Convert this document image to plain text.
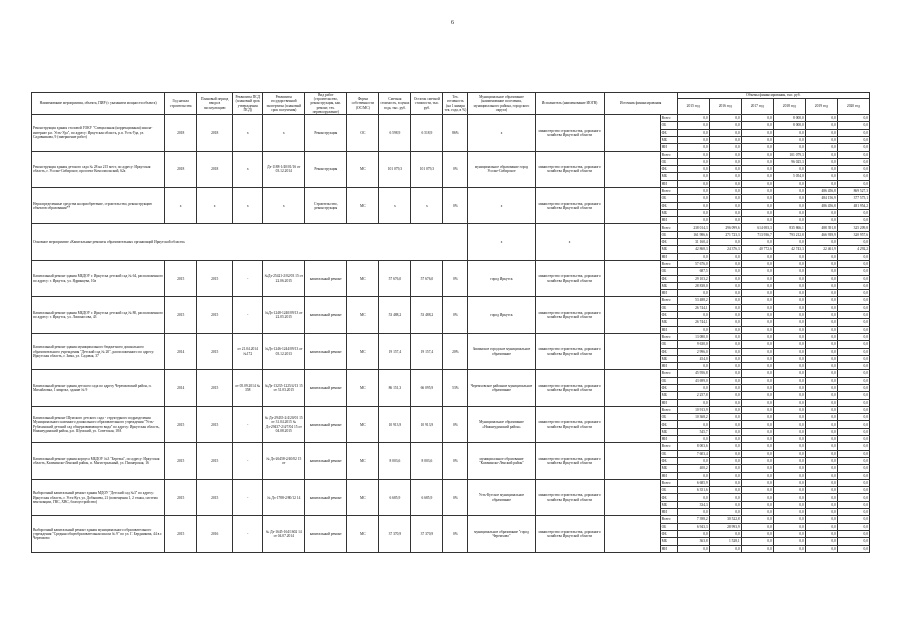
6
Наименование мероприятия, объекта, ПИР (с указанием мощности объекта)	Год начала строительства	Плановый период ввода в эксплуатацию	Реквизиты ПСД (плановый срок утверждения ПСД)	Реквизиты государственной экспертизы (плановый срок получения)	Вид работ (строительство, реконструкция, кап. ремонт, тех. перевооружение)	Форма собственности (ОС/МС)	Сметная стоимость, в ценах года, тыс. руб.	Остаток сметной стоимости, тыс. руб.	Тех. готовность (на 1 января тек. года, в %)	Муниципальное образование (наименование поселения, муниципального района, городского округа)	Исполнитель (наименование ИОГВ)	Источник финансирования		Объемы финансирования, тыс. руб.					
														2015 год	2016 год	2017 год	2018 год	2019 год	2020 год
Реконструкция здания столовой ГОКУ "Специальная (коррекционная) школа-интернат р.п. Усть-Уда", по адресу: Иркутская область, р.п. Усть-Уда, ул. Садовникова, 9 (завершение работ)	2018	2018	x	x	Реконструкция	ОС	6 598,9	6 518,9	86%	x	министерство строительства, дорожного хозяйства Иркутской области		Всего	0,0	0,0	0,0	8 000,0	0,0	0,0
													ОБ	0,0	0,0	0,0	8 000,0	0,0	0,0
													ФБ	0,0	0,0	0,0	0,0	0,0	0,0
													МБ	0,0	0,0	0,0	0,0	0,0	0,0
													НИ	0,0	0,0	0,0	0,0	0,0	0,0
Реконструкция здания детского сада № 28 на 215 мест, по адресу: Иркутская область, г. Усолье-Сибирское, проспект Комсомольский, 62а	2018	2018	x	Дз-1188-1/40/01/16 от 03.12.2014	Реконструкция	МС	101 079,3	101 079,3	0%	муниципальное образование город Усолье-Сибирское	министерство строительства, дорожного хозяйства Иркутской области		Всего	0,0	0,0	0,0	101 079,3	0,0	0,0
													ОБ	0,0	0,0	0,0	96 025,3	0,0	0,0
													ФБ	0,0	0,0	0,0	0,0	0,0	0,0
													МБ	0,0	0,0	0,0	5 054,0	0,0	0,0
													НИ	0,0	0,0	0,0	0,0	0,0	0,0
Нераспределенные средства на приобретение, строительство, реконструкцию объектов образования**	x	x	x	x	Строительство, реконструкция	МС	x	x	0%	x	министерство строительства, дорожного хозяйства Иркутской области		Всего	0,0	0,0	0,0	0,0	486 456,8	869 527,3
													ОБ	0,0	0,0	0,0	0,0	484 156,9	377 575,1
													ФБ	0,0	0,0	0,0	0,0	486 456,8	481 954,2
													МБ	0,0	0,0	0,0	0,0	0,0	0,0
													НИ	0,0	0,0	0,0	0,0	0,0	0,0
Основное мероприятие «Капитальные ремонты образовательных организаций Иркутской области»										x	x		Всего	238 014,3	296 099,6	614 693,3	835 866,1	488 391,8	325 209,8
													ОБ	161 986,6	271 723,3	713 936,7	793 212,8	466 939,9	320 957,6
													ФБ	31 160,4	0,0	0,0	0,0	0,0	0,0
													МБ	42 868,3	24 376,3	40 772,6	42 743,3	22 461,9	4 292,2
													НИ	0,0	0,0	0,0	0,0	0,0	0,0
Капитальный ремонт здания МБДОУ г. Иркутска детский сад № 64, расположенного по адресу: г. Иркутск, ул. Ядринцева, 10а	2015	2015	-	№Дз-25421-2/02/03 15 от 22.06.2015	капитальный ремонт	МС	57 676,0	57 676,0	0%	город Иркутск	министерство строительства, дорожного хозяйства Иркутской области		Всего	57 676,0	0,0	0,0	0,0	0,0	0,0
													ОБ	687,5	0,0	0,0	0,0	0,0	0,0
													ФБ	29 103,2	0,0	0,0	0,0	0,0	0,0
													МБ	28 838,0	0,0	0,0	0,0	0,0	0,0
													НИ	0,0	0,0	0,0	0,0	0,0	0,0
Капитальный ремонт здания МБДОУ г. Иркутска детский сад № 80, расположенного по адресу: г. Иркутск, ул. Ломоносова, 43	2015	2015	-	№Дз-1248-1240/09/13 от 22.05.2015	капитальный ремонт	МС	53 488,2	53 488,2	0%	город Иркутск	министерство строительства, дорожного хозяйства Иркутской области		Всего	53 488,2	0,0	0,0	0,0	0,0	0,0
													ОБ	26 744,1	0,0	0,0	0,0	0,0	0,0
													ФБ	0,0	0,0	0,0	0,0	0,0	0,0
													МБ	26 744,1	0,0	0,0	0,0	0,0	0,0
													НИ	0,0	0,0	0,0	0,0	0,0	0,0
Капитальный ремонт здания муниципального бюджетного дошкольного образовательного учреждения "Детский сад № 20", расположенного по адресу: Иркутская область, г. Зима, ул. Садовая, 37	2014	2015	от 21.04.2014 №172	№Дз-1246-1244/09/13 от 03.12.2013	капитальный ремонт	МС	19 157,4	19 157,4	20%	Зиминское городское муниципальное образование	министерство строительства, дорожного хозяйства Иркутской области		Всего	13 080,0	0,0	0,0	0,0	0,0	0,0
													ОБ	9 630,0	0,0	0,0	0,0	0,0	0,0
													ФБ	2 996,0	0,0	0,0	0,0	0,0	0,0
													МБ	454,0	0,0	0,0	0,0	0,0	0,0
													НИ	0,0	0,0	0,0	0,0	0,0	0,0
Капитальный ремонт здания детского сада по адресу Черемховский район, п. Михайловка, 1 квартал, здание № 9	2014	2015	от 05.09.2014 № 358	№Дз-13235-1225/4/13 15 от 31.03.2015	капитальный ремонт	МС	86 151,3	66 095,9	53%	Черемховское районное муниципальное образование	министерство строительства, дорожного хозяйства Иркутской области		Всего	45 956,8	0,0	0,0	0,0	0,0	0,0
													ОБ	43 699,0	0,0	0,0	0,0	0,0	0,0
													ФБ	0,0	0,0	0,0	0,0	0,0	0,0
													МБ	2 257,8	0,0	0,0	0,0	0,0	0,0
													НИ	0,0	0,0	0,0	0,0	0,0	0,0
Капитальный ремонт Шумского детского сада - структурного подразделения Муниципального казенного дошкольного образовательного учреждения "Усть-Рубахинский детский сад общеразвивающего вида" по адресу: Иркутская область, Нижнеудинский район, р.п. Шумский, ул. Советская, 18А	2015	2015	-	№ Дз-29435-2/4/20/01 15 от 31.04.2015 № Дз-29437-2/4/7/04 15 от 04.08.2015	капитальный ремонт	МС	10 913,9	10 913,9	0%	Муниципальное образование «Нижнеудинский район»	министерство строительства, дорожного хозяйства Иркутской области		Всего	10 913,9	0,0	0,0	0,0	0,0	0,0
													ОБ	10 368,2	0,0	0,0	0,0	0,0	0,0
													ФБ	0,0	0,0	0,0	0,0	0,0	0,0
													МБ	545,7	0,0	0,0	0,0	0,0	0,0
													НИ	0,0	0,0	0,0	0,0	0,0	0,0
Капитальный ремонт здания корпуса МБДОУ №3 "Березка", по адресу: Иркутская область, Казачинско-Ленский район, п. Магистральный, ул. Пионерская, 16	2015	2015	-	№ Дз-26458-2/40/02 15 от	капитальный ремонт	МС	8 003,6	8 003,6	0%	муниципальное образование "Казачинско-Ленский район"	министерство строительства, дорожного хозяйства Иркутской области		Всего	8 003,6	0,0	0,0	0,0	0,0	0,0
													ОБ	7 603,4	0,0	0,0	0,0	0,0	0,0
													ФБ	0,0	0,0	0,0	0,0	0,0	0,0
													МБ	400,2	0,0	0,0	0,0	0,0	0,0
													НИ	0,0	0,0	0,0	0,0	0,0	0,0
Выборочный капитальный ремонт здания МДОУ "Детский сад №3" по адресу: Иркутская область, г. Усть-Кут, ул. Добышева, 21 (помещения 1, 2 этажа, система вентиляции, ГВС, ХВС, благоустройство)	2015	2015	-	№ Дз-1788-2/80/12 14	капитальный ремонт	МС	6 685,9	6 685,9	0%	Усть-Кутское муниципальное образование	министерство строительства, дорожного хозяйства Иркутской области		Всего	6 685,9	0,0	0,0	0,0	0,0	0,0
													ОБ	6 351,6	0,0	0,0	0,0	0,0	0,0
													ФБ	0,0	0,0	0,0	0,0	0,0	0,0
													МБ	334,3	0,0	0,0	0,0	0,0	0,0
													НИ	0,0	0,0	0,0	0,0	0,0	0,0
Выборочный капитальный ремонт здания муниципального образовательного учреждения "Средняя общеобразовательная школа № 9" по ул. Г. Бердникова, 44 в г. Черемхово	2015	2016	-	№ Дз-1645-164/1602 14 от 04.07.2014	капитальный ремонт	МС	37 370,9	37 370,9	0%	муниципальное образование "город Черемхово"	министерство строительства, дорожного хозяйства Иркутской области		Всего	7 398,2	30 522,8	0,0	0,0	0,0	0,0
													ОБ	6 943,3	28 993,9	0,0	0,0	0,0	0,0
													ФБ	0,0	0,0	0,0	0,0	0,0	0,0
													МБ	363,8	1 528,1	0,0	0,0	0,0	0,0
													НИ	0,0	0,0	0,0	0,0	0,0	0,0
